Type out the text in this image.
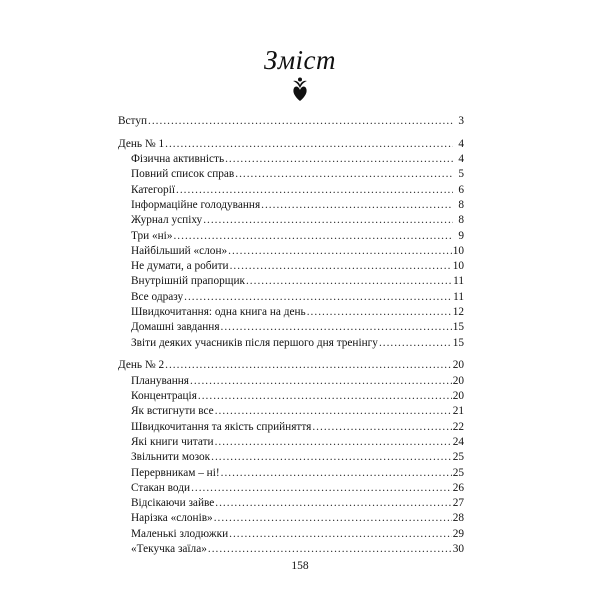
Зміст
Вступ .....	3
День № 1 .....	4
Фізична активність .....	4
Повний список справ .....	5
Категорії .....	6
Інформаційне голодування .....	8
Журнал успіху .....	8
Три «ні» .....	9
Найбільший «слон» .....	10
Не думати, а робити .....	10
Внутрішній прапорщик .....	11
Все одразу .....	11
Швидкочитання: одна книга на день .....	12
Домашні завдання .....	15
Звіти деяких учасників після першого дня тренінгу .....	15
День № 2 .....	20
Планування .....	20
Концентрація .....	20
Як встигнути все .....	21
Швидкочитання та якість сприйняття .....	22
Які книги читати .....	24
Звільнити мозок .....	25
Перервникам – ні! .....	25
Стакан води .....	26
Відсікаючи зайве .....	27
Нарізка «слонів» .....	28
Маленькі злодюжки .....	29
«Текучка заїла» .....	30
158
